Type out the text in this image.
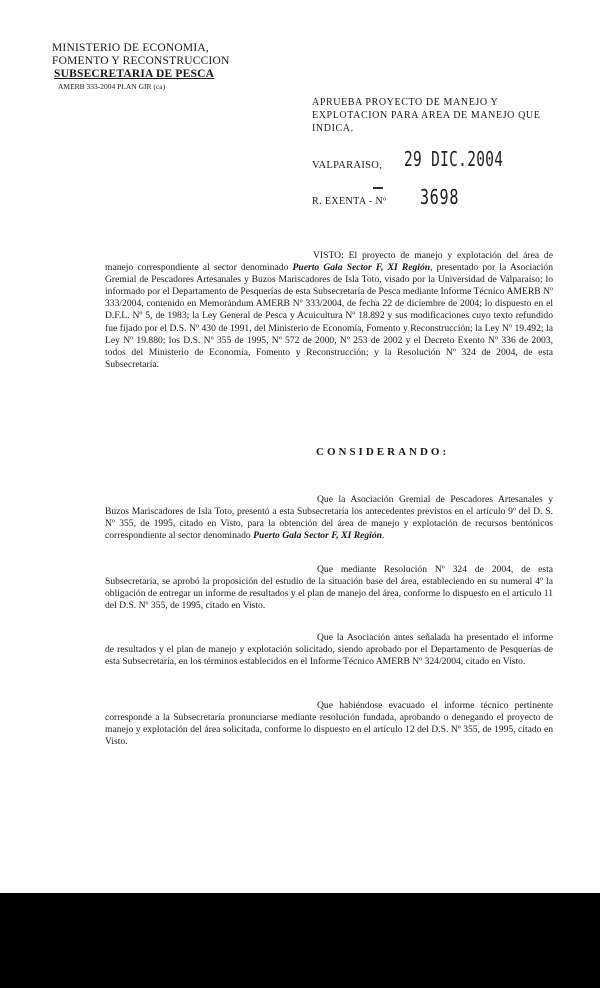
MINISTERIO DE ECONOMIA,
FOMENTO Y RECONSTRUCCION
SUBSECRETARIA DE PESCA
AMERB 333-2004 PLAN GIR (ca)
APRUEBA PROYECTO DE MANEJO Y EXPLOTACION PARA AREA DE MANEJO QUE INDICA.
VALPARAISO, 29 DIC.2004
R. EXENTA - Nº 3698
VISTO: El proyecto de manejo y explotación del área de manejo correspondiente al sector denominado Puerto Gala Sector F, XI Región, presentado por la Asociación Gremial de Pescadores Artesanales y Buzos Mariscadores de Isla Toto, visado por la Universidad de Valparaíso; lo informado por el Departamento de Pesquerías de esta Subsecretaría de Pesca mediante Informe Técnico AMERB Nº 333/2004, contenido en Memorándum AMERB Nº 333/2004, de fecha 22 de diciembre de 2004; lo dispuesto en el D.F.L. Nº 5, de 1983; la Ley General de Pesca y Acuicultura Nº 18.892 y sus modificaciones cuyo texto refundido fue fijado por el D.S. Nº 430 de 1991, del Ministerio de Economía, Fomento y Reconstrucción; la Ley Nº 19.492; la Ley Nº 19.880; los D.S. Nº 355 de 1995, Nº 572 de 2000, Nº 253 de 2002 y el Decreto Exento Nº 336 de 2003, todos del Ministerio de Economía, Fomento y Reconstrucción; y la Resolución Nº 324 de 2004, de esta Subsecretaría.
CONSIDERANDO:
Que la Asociación Gremial de Pescadores Artesanales y Buzos Mariscadores de Isla Toto, presentó a esta Subsecretaría los antecedentes previstos en el artículo 9º del D. S. Nº 355, de 1995, citado en Visto, para la obtención del área de manejo y explotación de recursos bentónicos correspondiente al sector denominado Puerto Gala Sector F, XI Región.
Que mediante Resolución Nº 324 de 2004, de esta Subsecretaría, se aprobó la proposición del estudio de la situación base del área, estableciendo en su numeral 4º la obligación de entregar un informe de resultados y el plan de manejo del área, conforme lo dispuesto en el artículo 11 del D.S. Nº 355, de 1995, citado en Visto.
Que la Asociación antes señalada ha presentado el informe de resultados y el plan de manejo y explotación solicitado, siendo aprobado por el Departamento de Pesquerías de esta Subsecretaría, en los términos establecidos en el Informe Técnico AMERB Nº 324/2004, citado en Visto.
Que habiéndose evacuado el informe técnico pertinente corresponde a la Subsecretaría pronunciarse mediante resolución fundada, aprobando o denegando el proyecto de manejo y explotación del área solicitada, conforme lo dispuesto en el artículo 12 del D.S. Nº 355, de 1995, citado en Visto.
